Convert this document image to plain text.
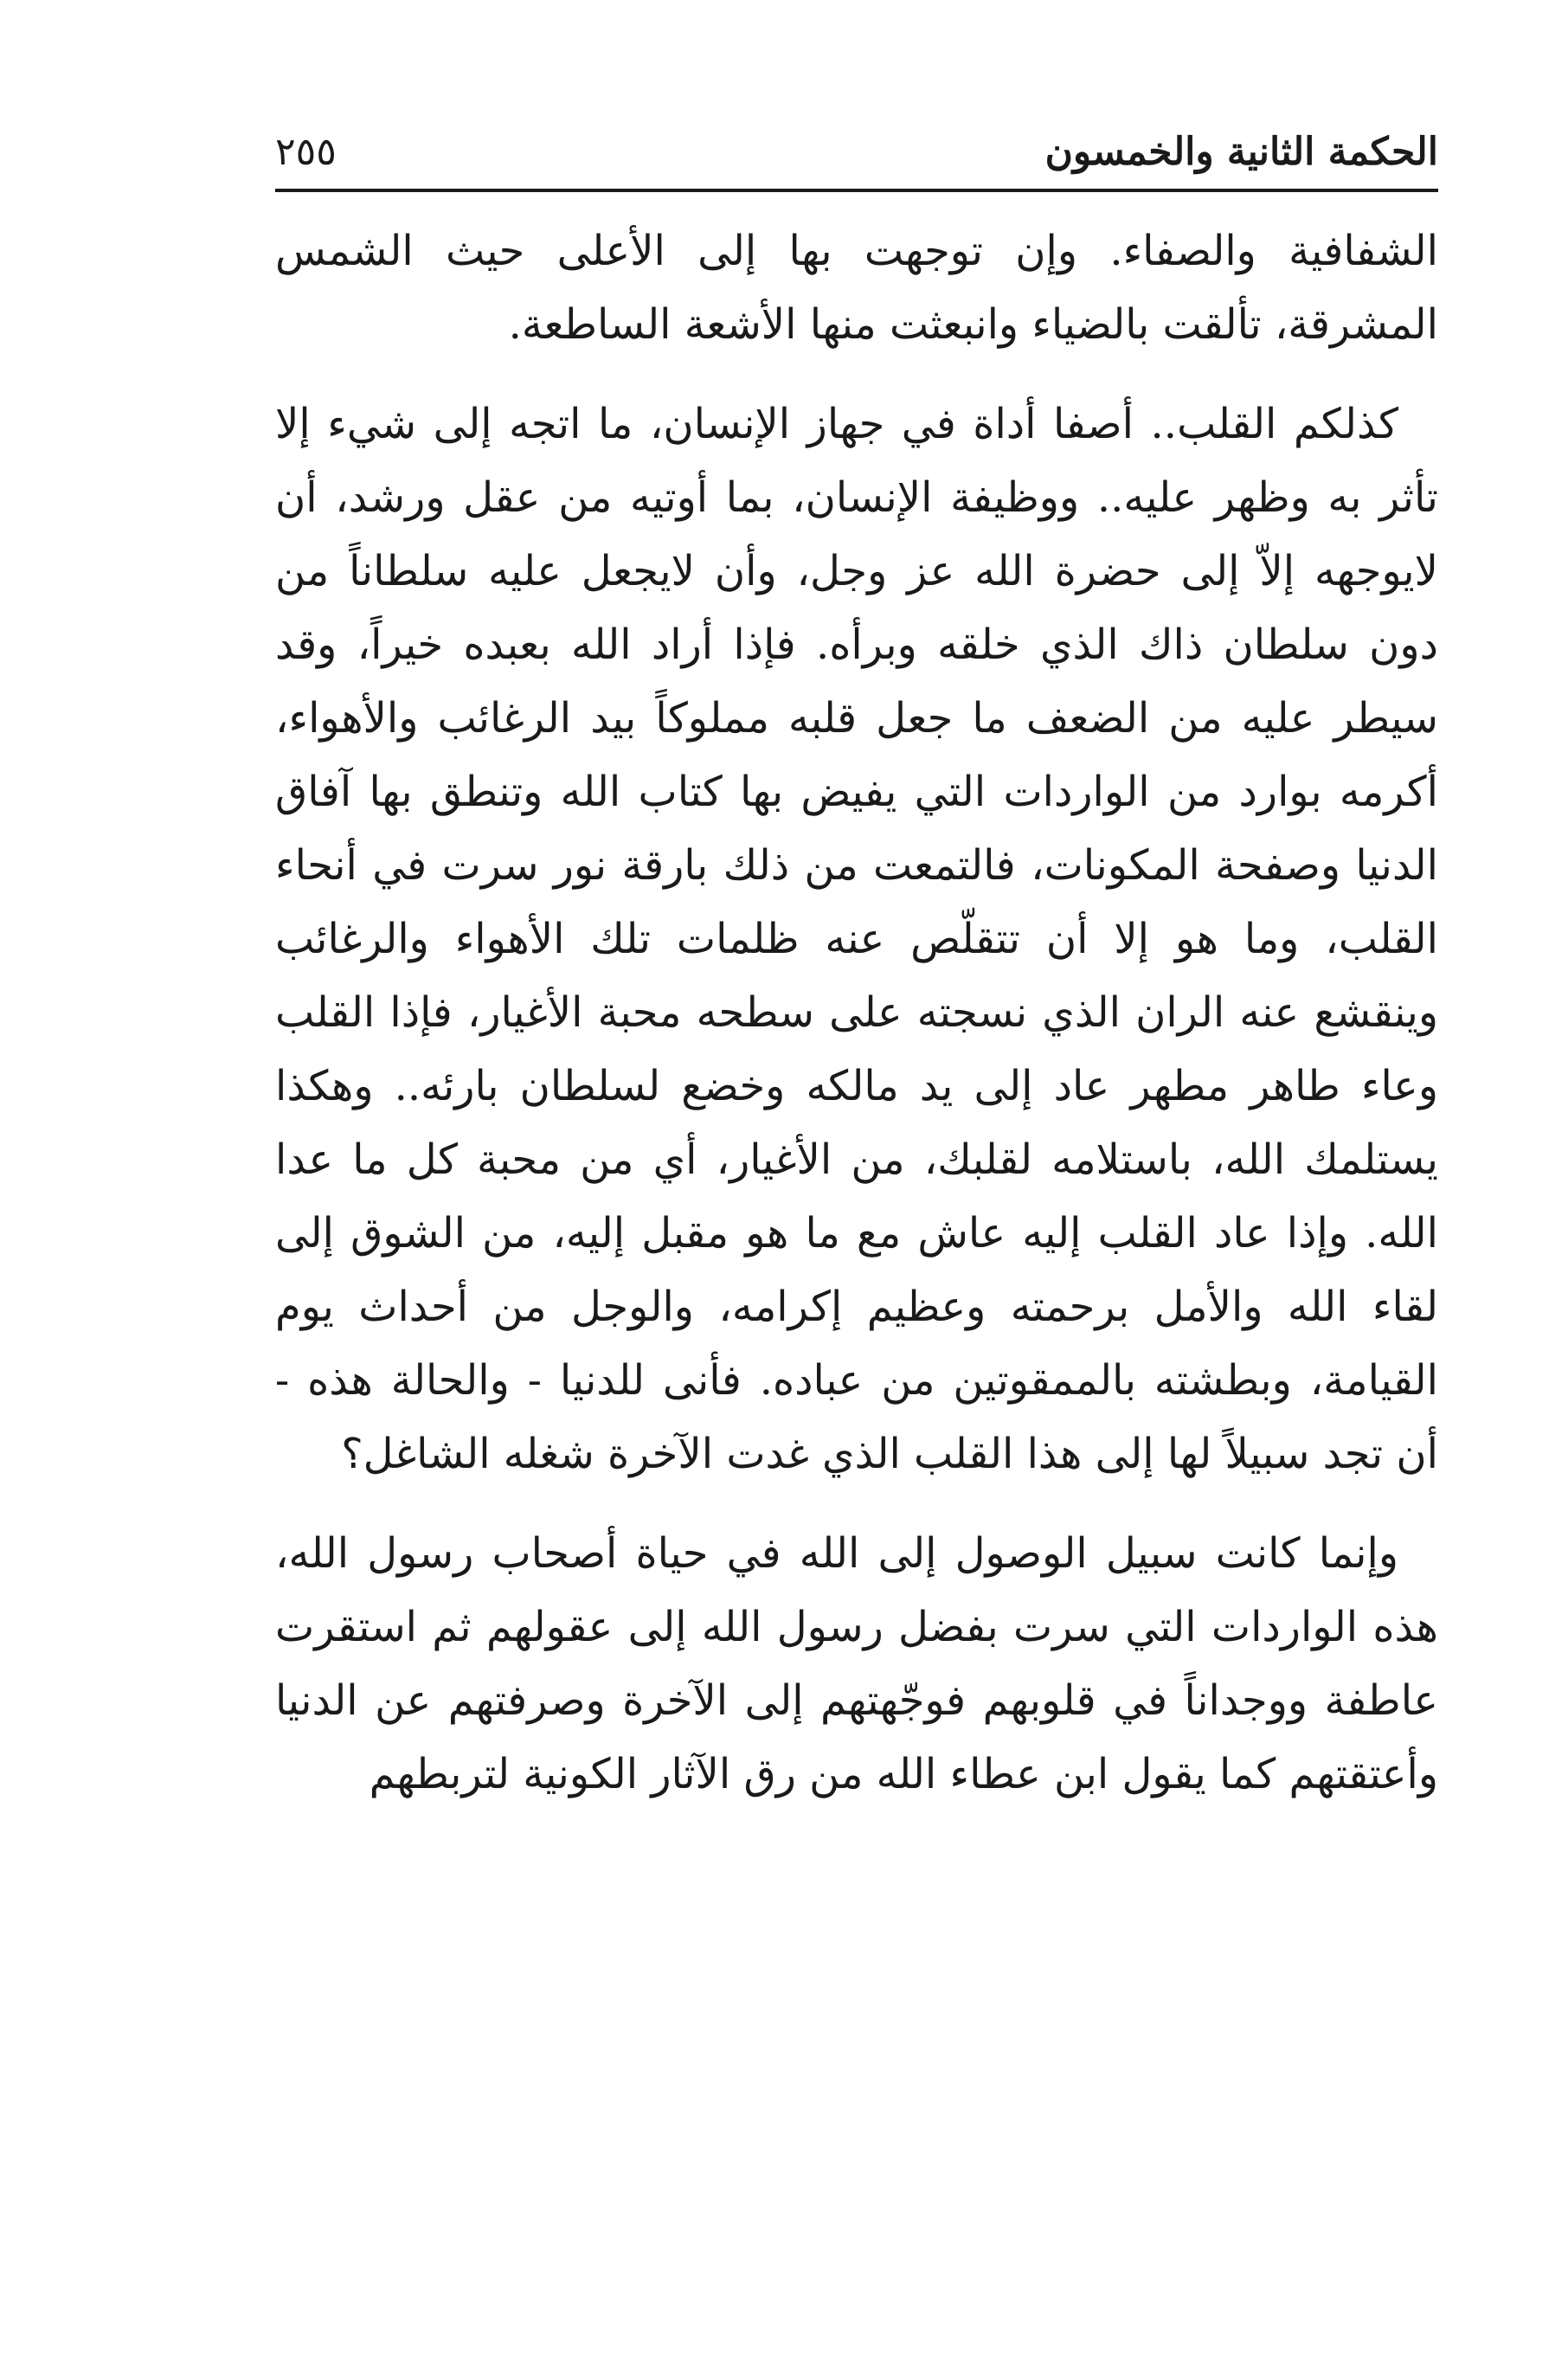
الحكمة الثانية والخمسون
٢٥٥

الشفافية والصفاء. وإن توجهت بها إلى الأعلى حيث الشمس المشرقة، تألقت بالضياء وانبعثت منها الأشعة الساطعة.

كذلكم القلب.. أصفا أداة في جهاز الإنسان، ما اتجه إلى شيء إلا تأثر به وظهر عليه.. ووظيفة الإنسان، بما أوتيه من عقل ورشد، أن لايوجهه إلاّ إلى حضرة الله عز وجل، وأن لايجعل عليه سلطاناً من دون سلطان ذاك الذي خلقه وبرأه. فإذا أراد الله بعبده خيراً، وقد سيطر عليه من الضعف ما جعل قلبه مملوكاً بيد الرغائب والأهواء، أكرمه بوارد من الواردات التي يفيض بها كتاب الله وتنطق بها آفاق الدنيا وصفحة المكونات، فالتمعت من ذلك بارقة نور سرت في أنحاء القلب، وما هو إلا أن تتقلّص عنه ظلمات تلك الأهواء والرغائب وينقشع عنه الران الذي نسجته على سطحه محبة الأغيار، فإذا القلب وعاء طاهر مطهر عاد إلى يد مالكه وخضع لسلطان بارئه.. وهكذا يستلمك الله، باستلامه لقلبك، من الأغيار، أي من محبة كل ما عدا الله. وإذا عاد القلب إليه عاش مع ما هو مقبل إليه، من الشوق إلى لقاء الله والأمل برحمته وعظيم إكرامه، والوجل من أحداث يوم القيامة، وبطشته بالممقوتين من عباده. فأنى للدنيا - والحالة هذه - أن تجد سبيلاً لها إلى هذا القلب الذي غدت الآخرة شغله الشاغل؟

وإنما كانت سبيل الوصول إلى الله في حياة أصحاب رسول الله، هذه الواردات التي سرت بفضل رسول الله إلى عقولهم ثم استقرت عاطفة ووجداناً في قلوبهم فوجّهتهم إلى الآخرة وصرفتهم عن الدنيا وأعتقتهم كما يقول ابن عطاء الله من رق الآثار الكونية لتربطهم
